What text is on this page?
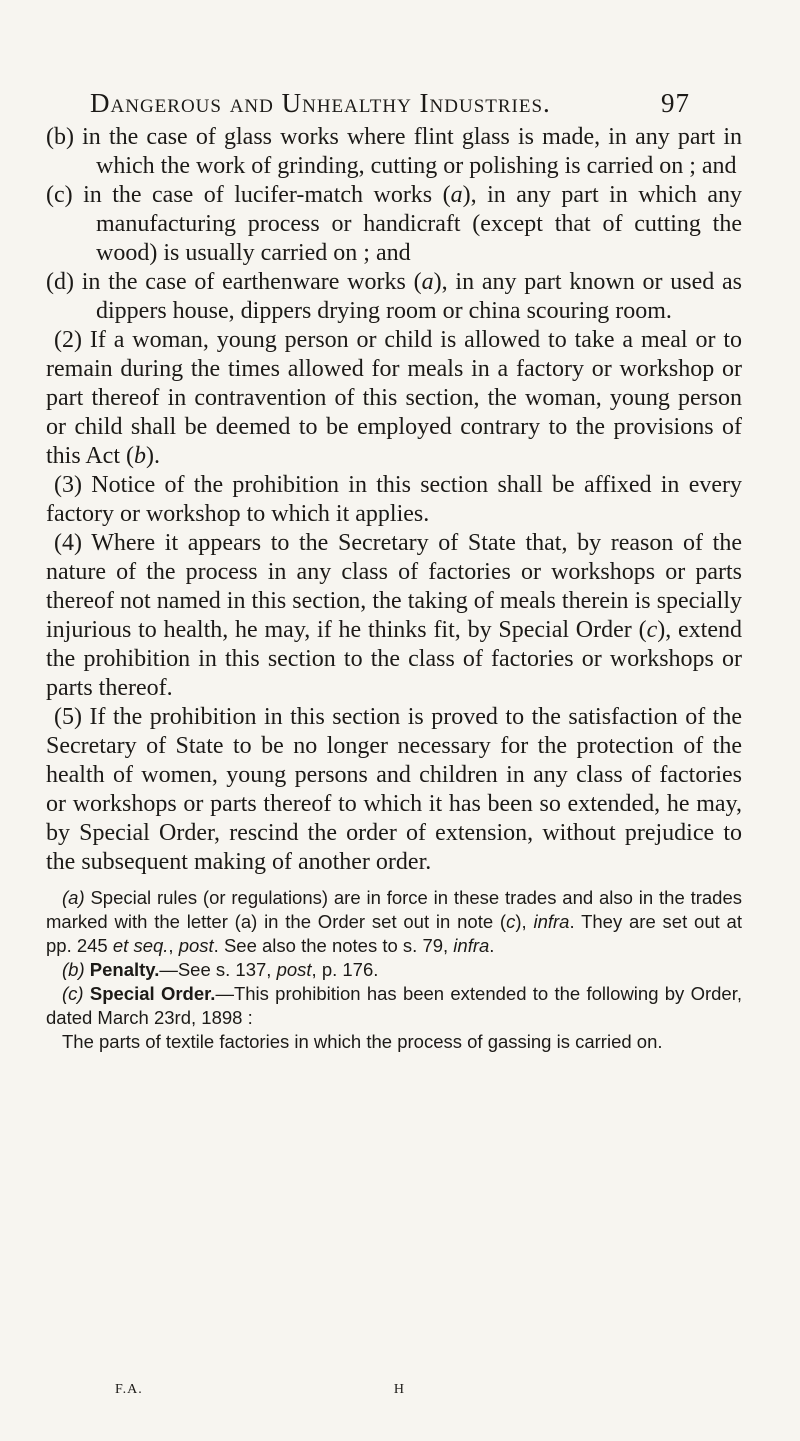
Dangerous and Unhealthy Industries.	97

(b) in the case of glass works where flint glass is made, in any part in which the work of grinding, cutting or polishing is carried on ; and

(c) in the case of lucifer-match works (a), in any part in which any manufacturing process or handicraft (except that of cutting the wood) is usually carried on ; and

(d) in the case of earthenware works (a), in any part known or used as dippers house, dippers drying room or china scouring room.

(2) If a woman, young person or child is allowed to take a meal or to remain during the times allowed for meals in a factory or workshop or part thereof in contravention of this section, the woman, young person or child shall be deemed to be employed contrary to the provisions of this Act (b).

(3) Notice of the prohibition in this section shall be affixed in every factory or workshop to which it applies.

(4) Where it appears to the Secretary of State that, by reason of the nature of the process in any class of factories or workshops or parts thereof not named in this section, the taking of meals therein is specially injurious to health, he may, if he thinks fit, by Special Order (c), extend the prohibition in this section to the class of factories or workshops or parts thereof.

(5) If the prohibition in this section is proved to the satisfaction of the Secretary of State to be no longer necessary for the protection of the health of women, young persons and children in any class of factories or workshops or parts thereof to which it has been so extended, he may, by Special Order, rescind the order of extension, without prejudice to the subsequent making of another order.

(a) Special rules (or regulations) are in force in these trades and also in the trades marked with the letter (a) in the Order set out in note (c), infra. They are set out at pp. 245 et seq., post. See also the notes to s. 79, infra.

(b) Penalty.—See s. 137, post, p. 176.

(c) Special Order.—This prohibition has been extended to the following by Order, dated March 23rd, 1898 :

The parts of textile factories in which the process of gassing is carried on.

F.A.	H
